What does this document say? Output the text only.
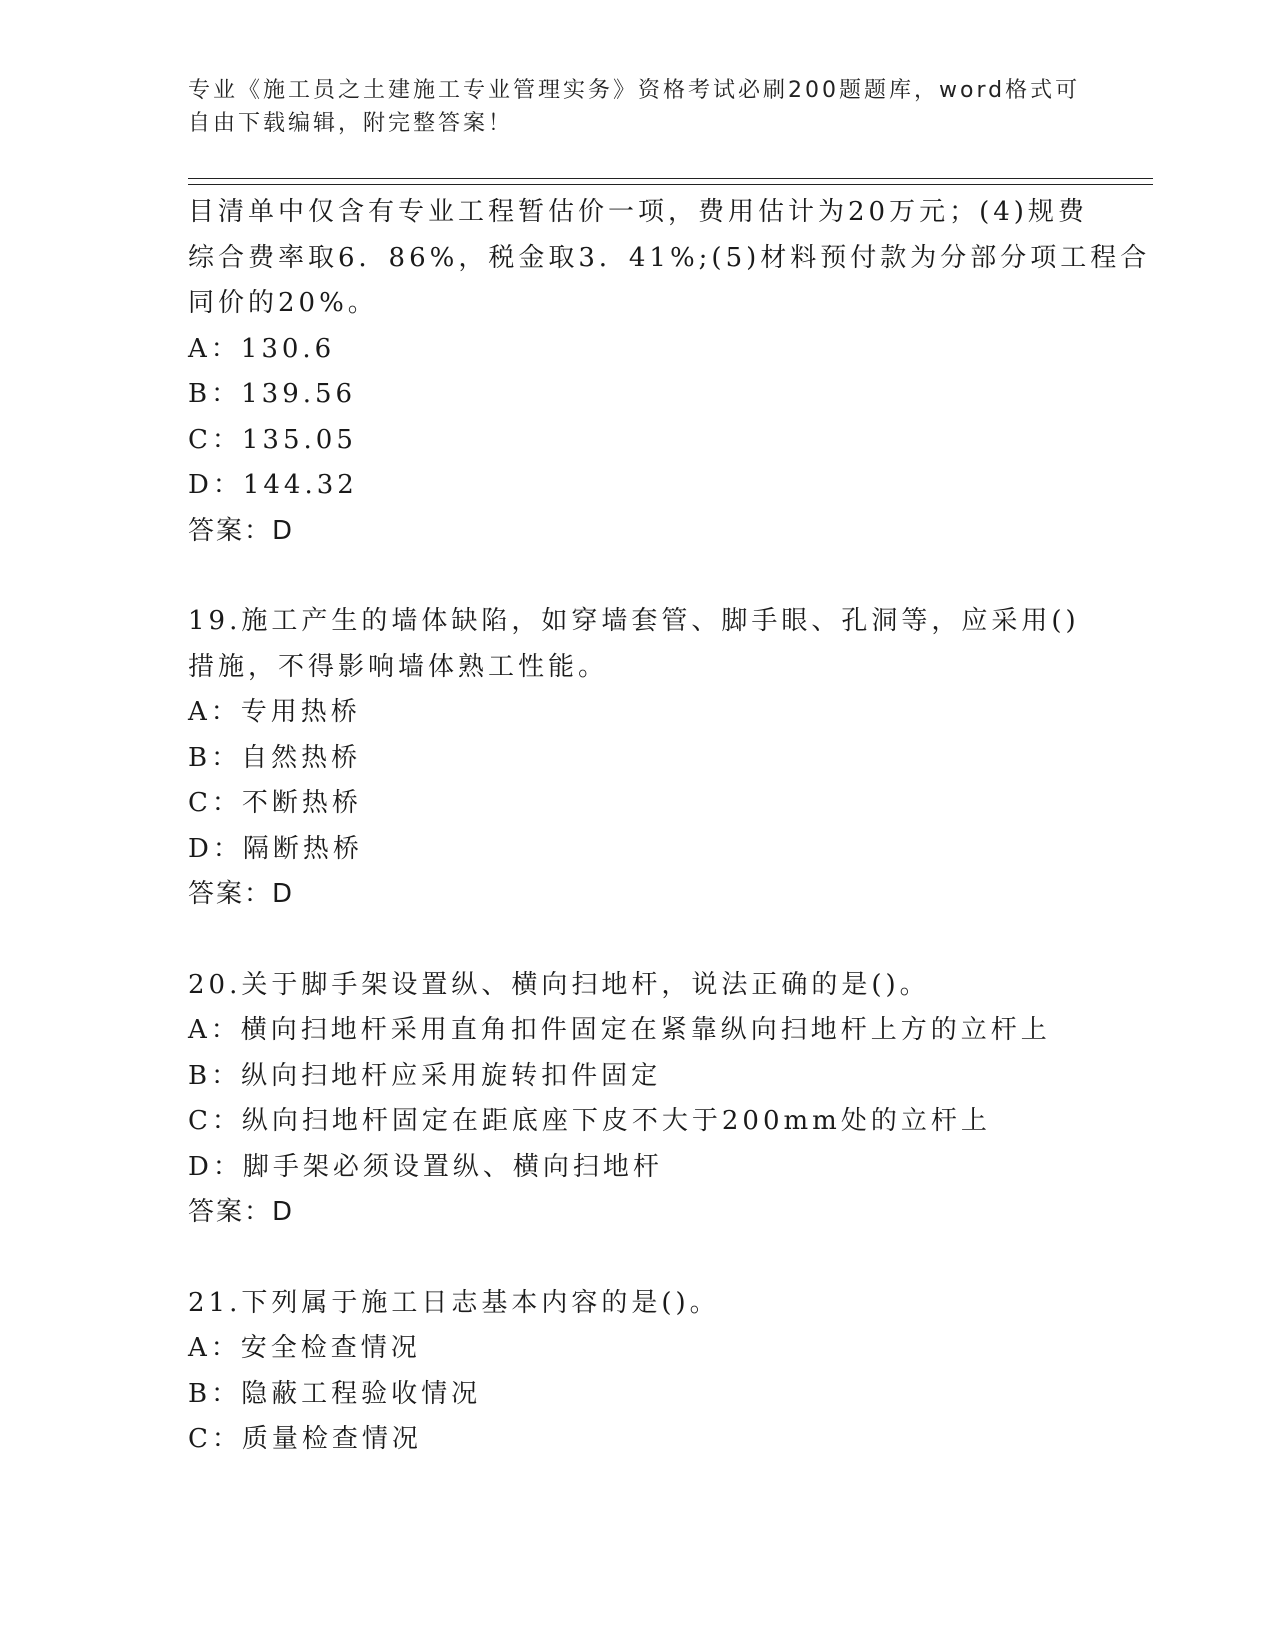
专业《施工员之土建施工专业管理实务》资格考试必刷200题题库，word格式可
自由下载编辑，附完整答案！
目清单中仅含有专业工程暂估价一项，费用估计为20万元；(4)规费
综合费率取6．86%，税金取3．41%;(5)材料预付款为分部分项工程合
同价的20%。
A：130.6
B：139.56
C：135.05
D：144.32
答案：D
19.施工产生的墙体缺陷，如穿墙套管、脚手眼、孔洞等，应采用()
措施，不得影响墙体熟工性能。
A：专用热桥
B：自然热桥
C：不断热桥
D：隔断热桥
答案：D
20.关于脚手架设置纵、横向扫地杆，说法正确的是()。
A：横向扫地杆采用直角扣件固定在紧靠纵向扫地杆上方的立杆上
B：纵向扫地杆应采用旋转扣件固定
C：纵向扫地杆固定在距底座下皮不大于200mm处的立杆上
D：脚手架必须设置纵、横向扫地杆
答案：D
21.下列属于施工日志基本内容的是()。
A：安全检查情况
B：隐蔽工程验收情况
C：质量检查情况
